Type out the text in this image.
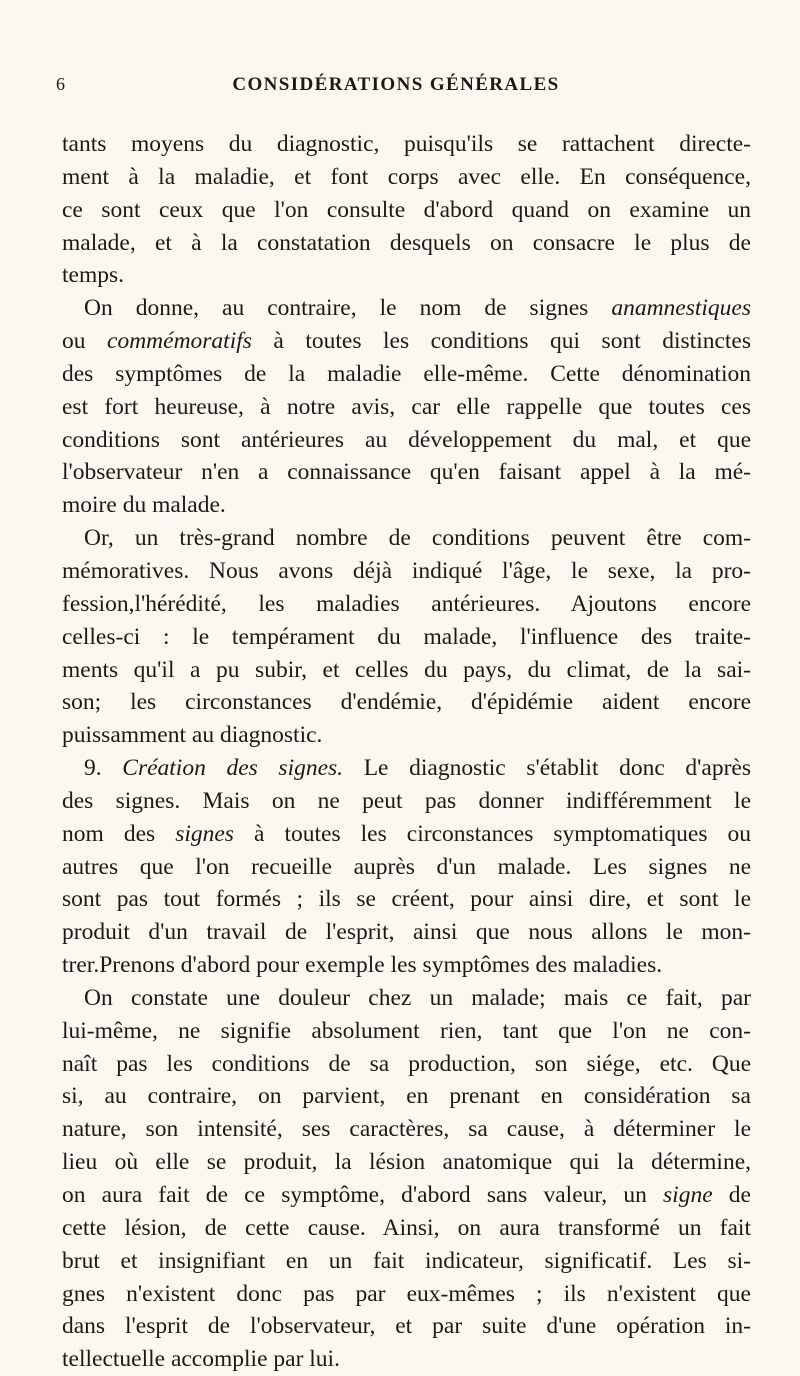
6	CONSIDÉRATIONS GÉNÉRALES
tants moyens du diagnostic, puisqu'ils se rattachent directe-
ment à la maladie, et font corps avec elle. En conséquence,
ce sont ceux que l'on consulte d'abord quand on examine un
malade, et à la constatation desquels on consacre le plus de
temps.
On donne, au contraire, le nom de signes anamnestiques
ou commémoratifs à toutes les conditions qui sont distinctes
des symptômes de la maladie elle-même. Cette dénomination
est fort heureuse, à notre avis, car elle rappelle que toutes ces
conditions sont antérieures au développement du mal, et que
l'observateur n'en a connaissance qu'en faisant appel à la mé-
moire du malade.
Or, un très-grand nombre de conditions peuvent être com-
mémoratives. Nous avons déjà indiqué l'âge, le sexe, la pro-
fession,l'hérédité, les maladies antérieures. Ajoutons encore
celles-ci : le tempérament du malade, l'influence des traite-
ments qu'il a pu subir, et celles du pays, du climat, de la sai-
son; les circonstances d'endémie, d'épidémie aident encore
puissamment au diagnostic.
9. Création des signes. Le diagnostic s'établit donc d'après
des signes. Mais on ne peut pas donner indifféremment le
nom des signes à toutes les circonstances symptomatiques ou
autres que l'on recueille auprès d'un malade. Les signes ne
sont pas tout formés ; ils se créent, pour ainsi dire, et sont le
produit d'un travail de l'esprit, ainsi que nous allons le mon-
trer.Prenons d'abord pour exemple les symptômes des maladies.
On constate une douleur chez un malade; mais ce fait, par
lui-même, ne signifie absolument rien, tant que l'on ne con-
naît pas les conditions de sa production, son siége, etc. Que
si, au contraire, on parvient, en prenant en considération sa
nature, son intensité, ses caractères, sa cause, à déterminer le
lieu où elle se produit, la lésion anatomique qui la détermine,
on aura fait de ce symptôme, d'abord sans valeur, un signe de
cette lésion, de cette cause. Ainsi, on aura transformé un fait
brut et insignifiant en un fait indicateur, significatif. Les si-
gnes n'existent donc pas par eux-mêmes ; ils n'existent que
dans l'esprit de l'observateur, et par suite d'une opération in-
tellectuelle accomplie par lui.
